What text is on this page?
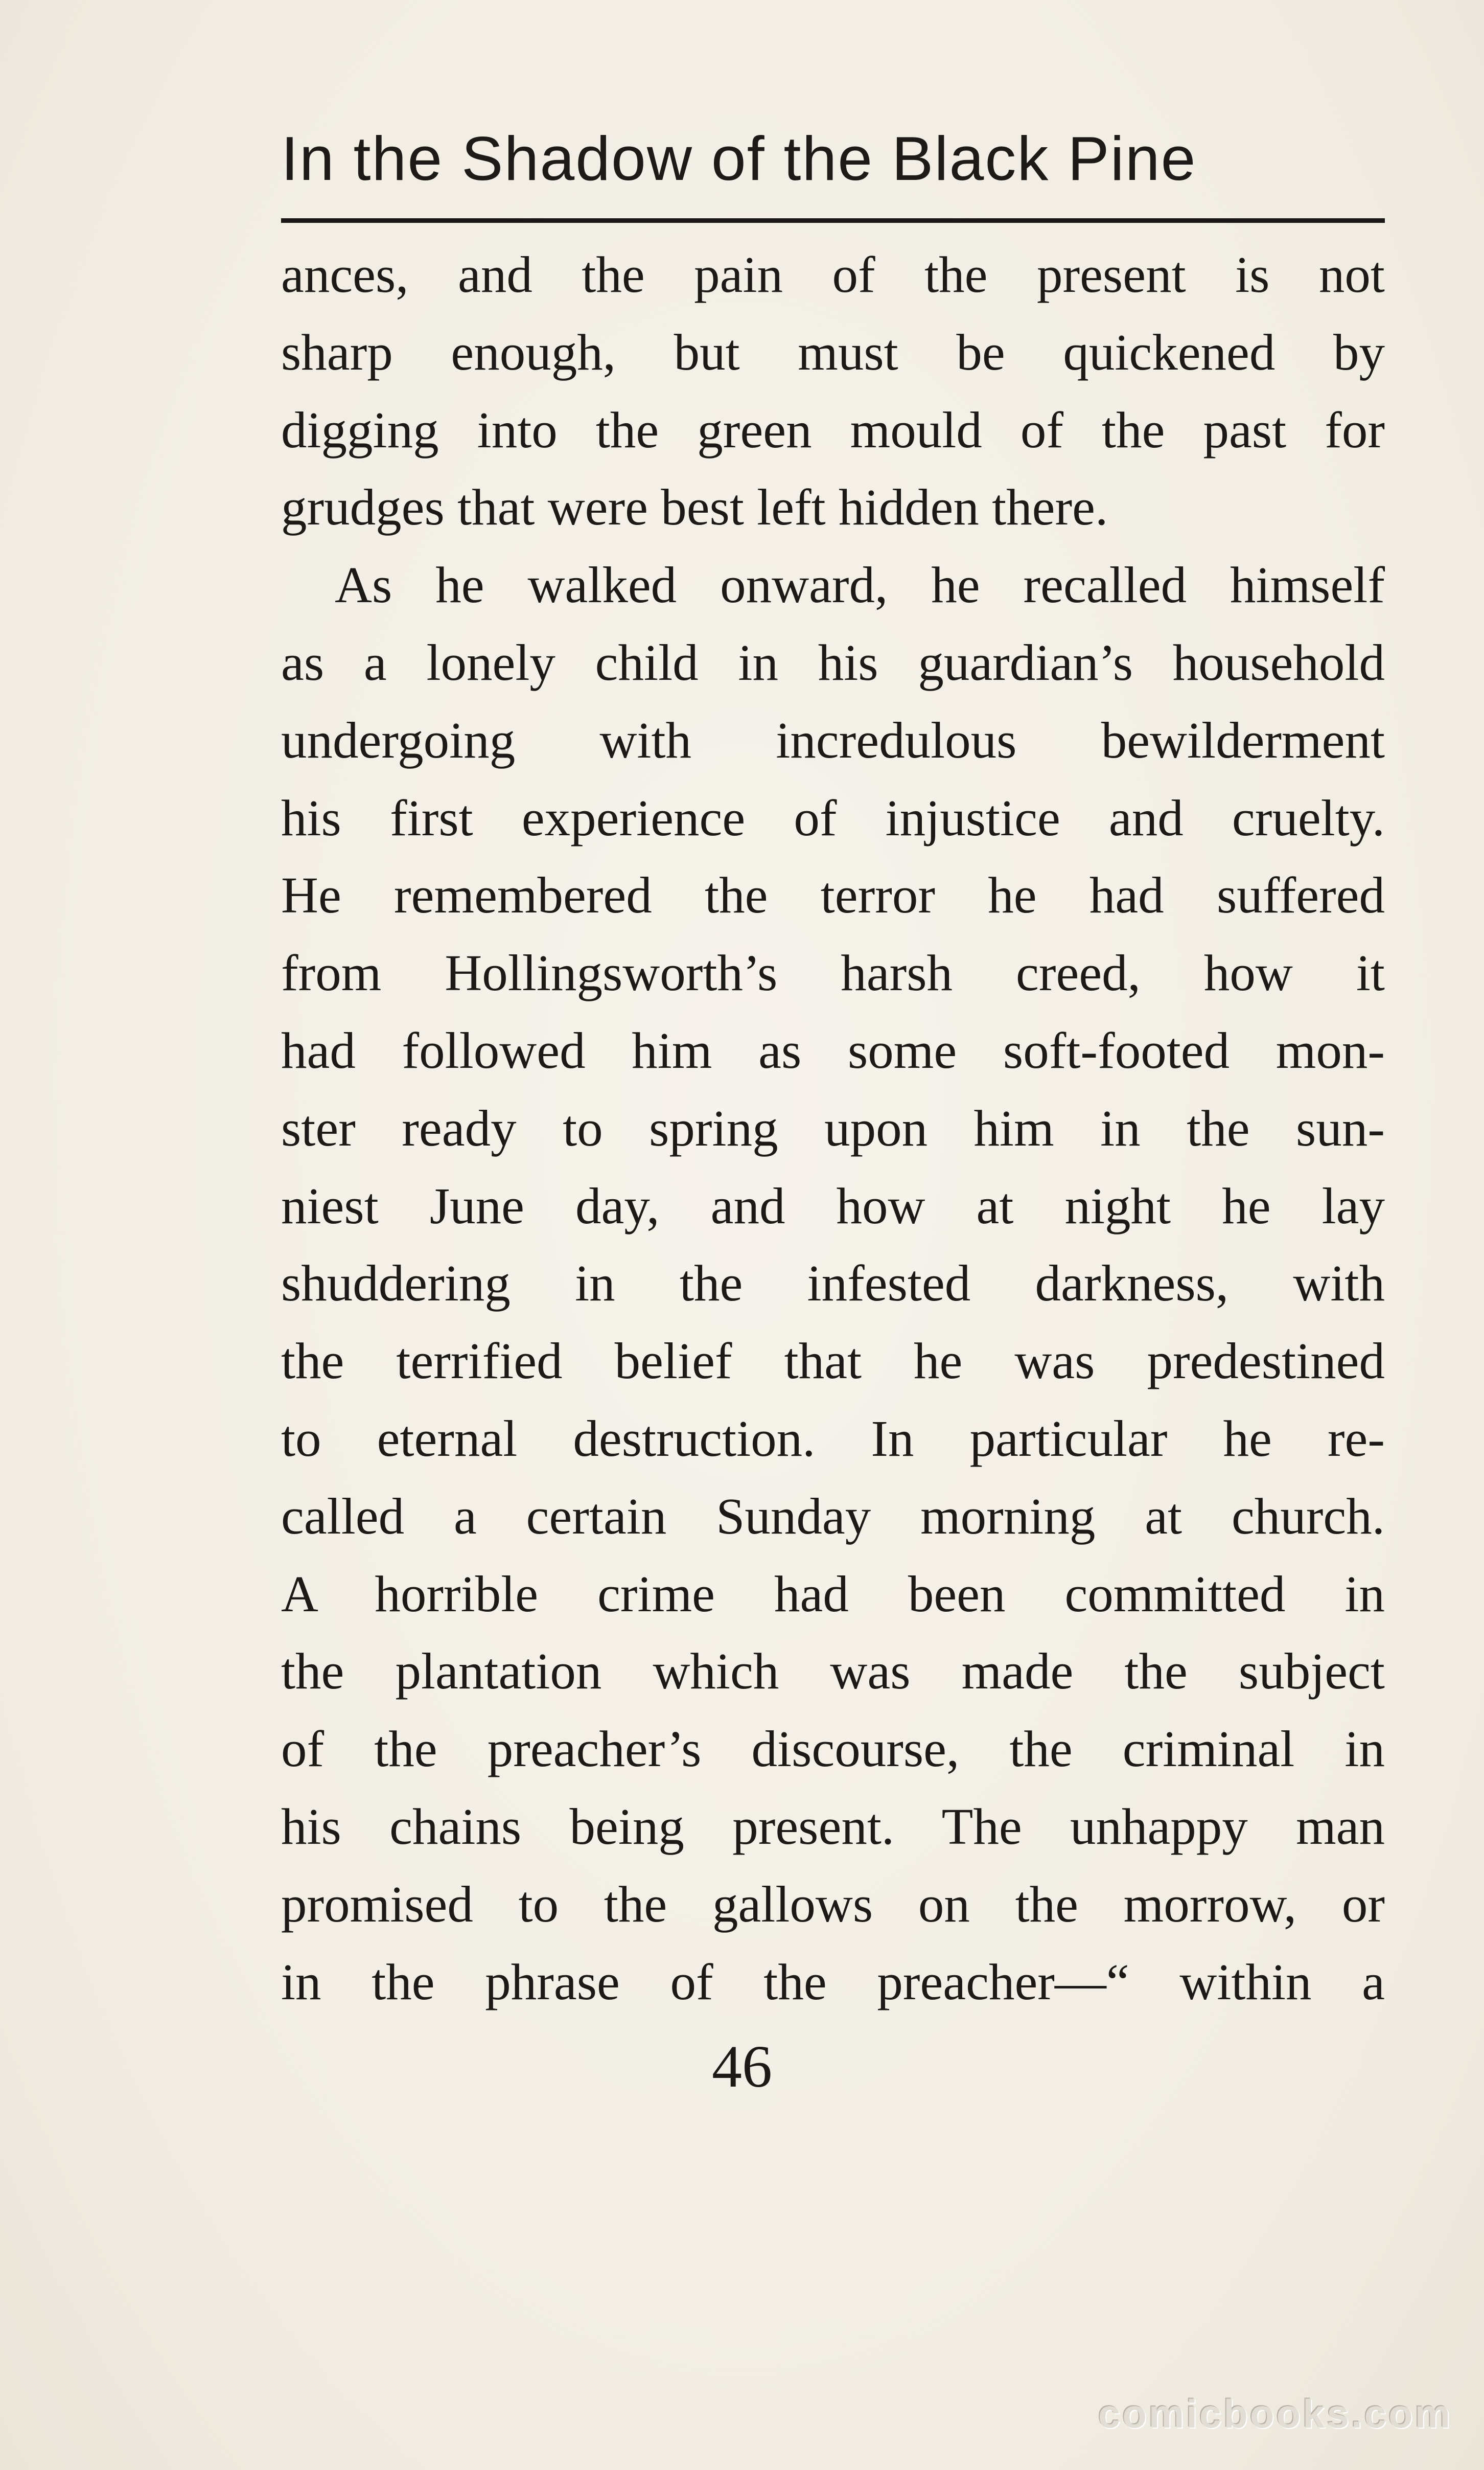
In the Shadow of the Black Pine
ances, and the pain of the present is not
sharp enough, but must be quickened by
digging into the green mould of the past for
grudges that were best left hidden there.
As he walked onward, he recalled himself
as a lonely child in his guardian’s household
undergoing with incredulous bewilderment
his first experience of injustice and cruelty.
He remembered the terror he had suffered
from Hollingsworth’s harsh creed, how it
had followed him as some soft-footed mon-
ster ready to spring upon him in the sun-
niest June day, and how at night he lay
shuddering in the infested darkness, with
the terrified belief that he was predestined
to eternal destruction. In particular he re-
called a certain Sunday morning at church.
A horrible crime had been committed in
the plantation which was made the subject
of the preacher’s discourse, the criminal in
his chains being present. The unhappy man
promised to the gallows on the morrow, or
in the phrase of the preacher—“ within a
46
comicbooks.com
